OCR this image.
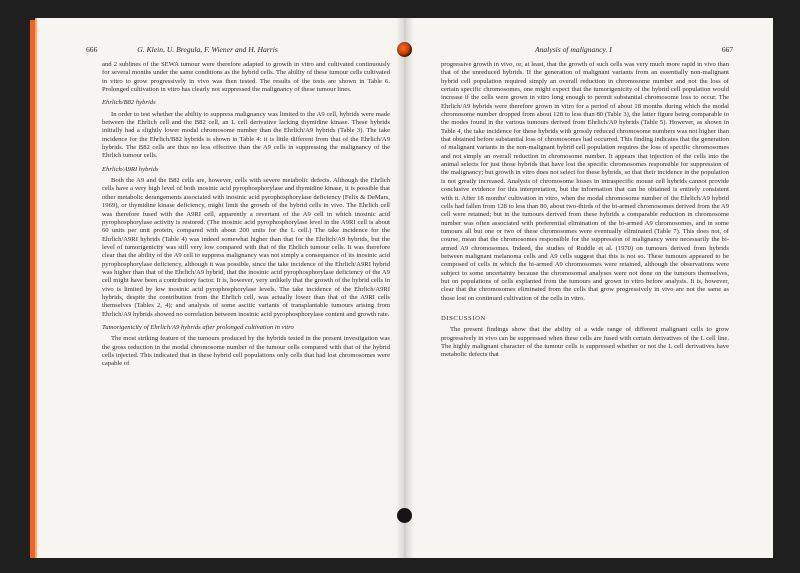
666	G. Klein, U. Bregula, F. Wiener and H. Harris

and 2 sublines of the SEWA tumour were therefore adapted to growth in vitro and cultivated continuously for several months under the same conditions as the hybrid cells. The ability of these tumour cells cultivated in vitro to grow progressively in vivo was then tested. The results of the tests are shown in Table 6. Prolonged cultivation in vitro has clearly not suppressed the malignancy of these tumour lines.

Ehrlich/B82 hybrids

In order to test whether the ability to suppress malignancy was limited to the A9 cell, hybrids were made between the Ehrlich cell and the B82 cell, an L cell derivative lacking thymidine kinase. These hybrids initially had a slightly lower modal chromosome number than the Ehrlich/A9 hybrids (Table 3). The take incidence for the Ehrlich/B82 hybrids is shown in Table 4: it is little different from that of the Ehrlich/A9 hybrids. The B82 cells are thus no less effective than the A9 cells in suppressing the malignancy of the Ehrlich tumour cells.

Ehrlich/A9RI hybrids

Both the A9 and the B82 cells are, however, cells with severe metabolic defects. Although the Ehrlich cells have a very high level of both inosinic acid pyrophosphorylase and thymidine kinase, it is possible that other metabolic derangements associated with inosinic acid pyrophosphorylase deficiency (Felix & DeMars, 1969), or thymidine kinase deficiency, might limit the growth of the hybrid cells in vivo. The Ehrlich cell was therefore fused with the A9RI cell, apparently a revertant of the A9 cell in which inosinic acid pyrophosphorylase activity is restored. (The inosinic acid pyrophosphorylase level in the A9RI cell is about 60 units per unit protein, compared with about 200 units for the L cell.) The take incidence for the Ehrlich/A9RI hybrids (Table 4) was indeed somewhat higher than that for the Ehrlich/A9 hybrids, but the level of tumorigenicity was still very low compared with that of the Ehrlich tumour cells. It was therefore clear that the ability of the A9 cell to suppress malignancy was not simply a consequence of its inosinic acid pyrophosphorylase deficiency, although it was possible, since the take incidence of the Ehrlich/A9RI hybrid was higher than that of the Ehrlich/A9 hybrid, that the inosinic acid pyrophosphorylase deficiency of the A9 cell might have been a contributory factor. It is, however, very unlikely that the growth of the hybrid cells in vivo is limited by low inosinic acid pyrophosphorylase levels. The take incidence of the Ehrlich/A9RI hybrids, despite the contribution from the Ehrlich cell, was actually lower than that of the A9RI cells themselves (Tables 2, 4); and analysis of some ascitic variants of transplantable tumours arising from Ehrlich/A9 hybrids showed no correlation between inosinic acid pyrophosphorylase content and growth rate.

Tumorigenicity of Ehrlich/A9 hybrids after prolonged cultivation in vitro

The most striking feature of the tumours produced by the hybrids tested in the present investigation was the gross reduction in the modal chromosome number of the tumour cells compared with that of the hybrid cells injected. This indicated that in these hybrid cell populations only cells that had lost chromosomes were capable of

Analysis of malignancy. I	667

progressive growth in vivo, or, at least, that the growth of such cells was very much more rapid in vivo than that of the unreduced hybrids. If the generation of malignant variants from an essentially non-malignant hybrid cell population required simply an overall reduction in chromosome number and not the loss of certain specific chromosomes, one might expect that the tumorigenicity of the hybrid cell population would increase if the cells were grown in vitro long enough to permit substantial chromosome loss to occur. The Ehrlich/A9 hybrids were therefore grown in vitro for a period of about 18 months during which the modal chromosome number dropped from about 128 to less than 80 (Table 3), the latter figure being comparable to the modes found in the various tumours derived from Ehrlich/A9 hybrids (Table 5). However, as shown in Table 4, the take incidence for these hybrids with grossly reduced chromosome numbers was not higher than that obtained before substantial loss of chromosomes had occurred. This finding indicates that the generation of malignant variants in the non-malignant hybrid cell population requires the loss of specific chromosomes and not simply an overall reduction in chromosome number. It appears that injection of the cells into the animal selects for just those hybrids that have lost the specific chromosomes responsible for suppression of the malignancy; but growth in vitro does not select for these hybrids, so that their incidence in the population is not greatly increased. Analysis of chromosome losses in intraspecific mouse cell hybrids cannot provide conclusive evidence for this interpretation, but the information that can be obtained is entirely consistent with it. After 18 months' cultivation in vitro, when the modal chromosome number of the Ehrlich/A9 hybrid cells had fallen from 128 to less than 80, about two-thirds of the bi-armed chromosomes derived from the A9 cell were retained; but in the tumours derived from these hybrids a comparable reduction in chromosome number was often associated with preferential elimination of the bi-armed A9 chromosomes, and in some tumours all but one or two of these chromosomes were eventually eliminated (Table 7). This does not, of course, mean that the chromosomes responsible for the suppression of malignancy were necessarily the bi-armed A9 chromosomes. Indeed, the studies of Ruddle et al. (1970) on tumours derived from hybrids between malignant melanoma cells and A9 cells suggest that this is not so. These tumours appeared to be composed of cells in which the bi-armed A9 chromosomes were retained, although the observations were subject to some uncertainty because the chromosomal analyses were not done on the tumours themselves, but on populations of cells explanted from the tumours and grown in vitro before analysis. It is, however, clear that the chromosomes eliminated from the cells that grow progressively in vivo are not the same as those lost on continued cultivation of the cells in vitro.

DISCUSSION

The present findings show that the ability of a wide range of different malignant cells to grow progressively in vivo can be suppressed when these cells are fused with certain derivatives of the L cell line. The highly malignant character of the tumour cells is suppressed whether or not the L cell derivatives have metabolic defects that
